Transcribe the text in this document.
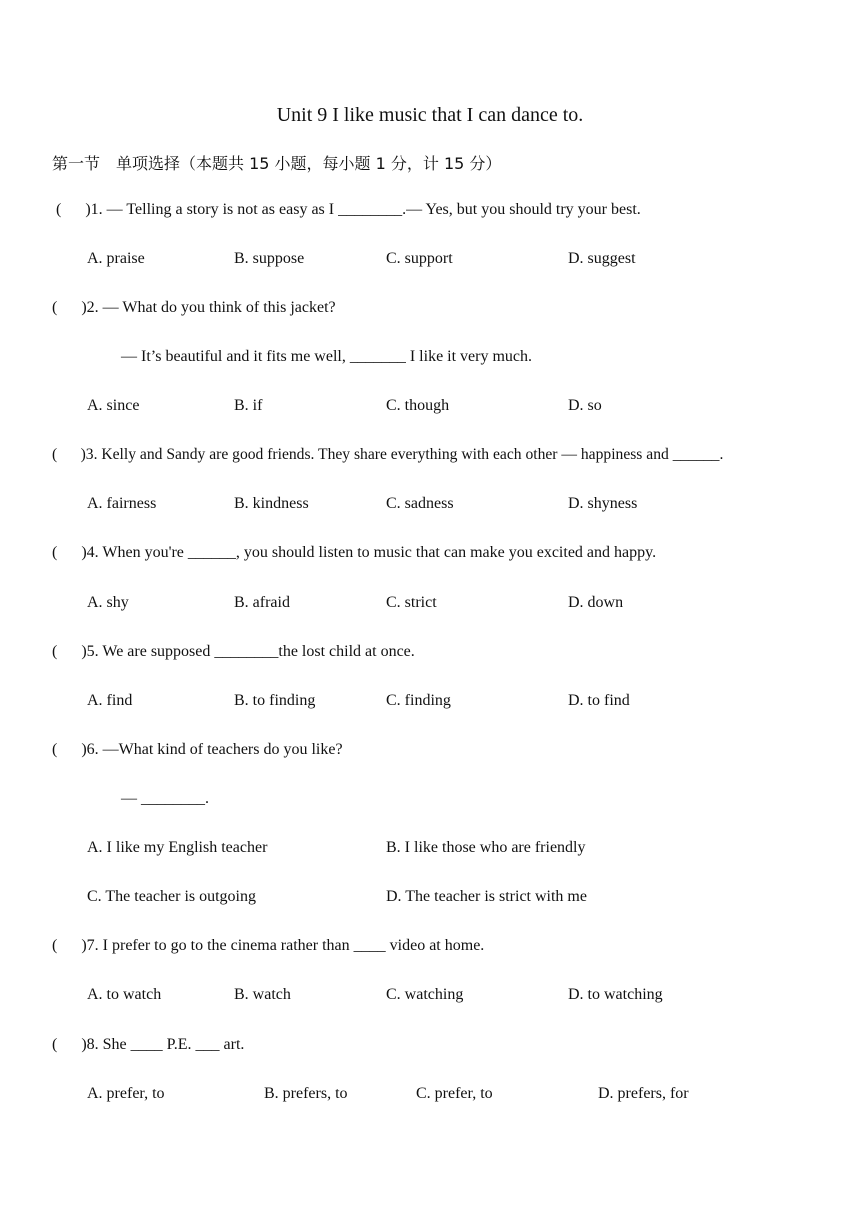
Unit 9 I like music that I can dance to.
第一节　单项选择（本题共 15 小题，每小题 1 分，计 15 分）
(      )1. — Telling a story is not as easy as I ________.— Yes, but you should try your best.
A. praise	B. suppose	C. support	D. suggest
(      )2. — What do you think of this jacket?
— It’s beautiful and it fits me well, _______ I like it very much.
A. since	B. if	C. though	D. so
(      )3. Kelly and Sandy are good friends. They share everything with each other — happiness and ______.
A. fairness	B. kindness	C. sadness	D. shyness
(      )4. When you're ______, you should listen to music that can make you excited and happy.
A. shy	B. afraid	C. strict	D. down
(      )5. We are supposed ________the lost child at once.
A. find	B. to finding	C. finding	D. to find
(      )6. —What kind of teachers do you like?
— ________.
A. I like my English teacher	B. I like those who are friendly
C. The teacher is outgoing	D. The teacher is strict with me
(      )7. I prefer to go to the cinema rather than ____ video at home.
A. to watch	B. watch	C. watching	D. to watching
(      )8. She ____ P.E. ___ art.
A. prefer, to	B. prefers, to	C. prefer, to	D. prefers, for
